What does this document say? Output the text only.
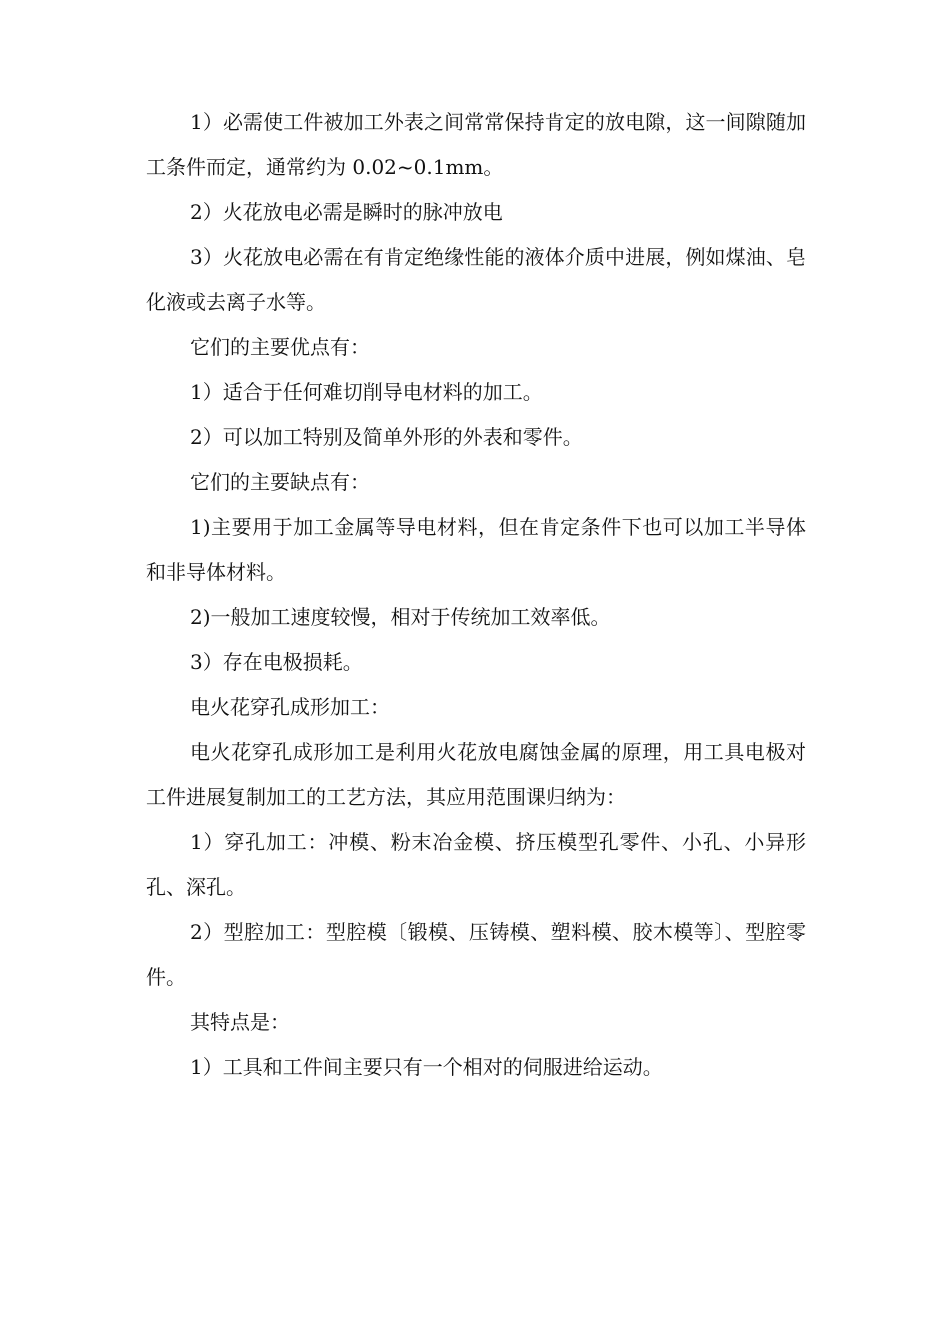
1）必需使工件被加工外表之间常常保持肯定的放电隙，这一间隙随加工条件而定，通常约为 0.02~0.1mm。

2）火花放电必需是瞬时的脉冲放电

3）火花放电必需在有肯定绝缘性能的液体介质中进展，例如煤油、皂化液或去离子水等。

它们的主要优点有：

1）适合于任何难切削导电材料的加工。

2）可以加工特别及简单外形的外表和零件。

它们的主要缺点有：

1)主要用于加工金属等导电材料，但在肯定条件下也可以加工半导体和非导体材料。

2)一般加工速度较慢，相对于传统加工效率低。

3）存在电极损耗。

电火花穿孔成形加工：

电火花穿孔成形加工是利用火花放电腐蚀金属的原理，用工具电极对工件进展复制加工的工艺方法，其应用范围课归纳为：

1）穿孔加工：冲模、粉末冶金模、挤压模型孔零件、小孔、小异形孔、深孔。

2）型腔加工：型腔模〔锻模、压铸模、塑料模、胶木模等〕、型腔零件。

其特点是：

1）工具和工件间主要只有一个相对的伺服进给运动。
